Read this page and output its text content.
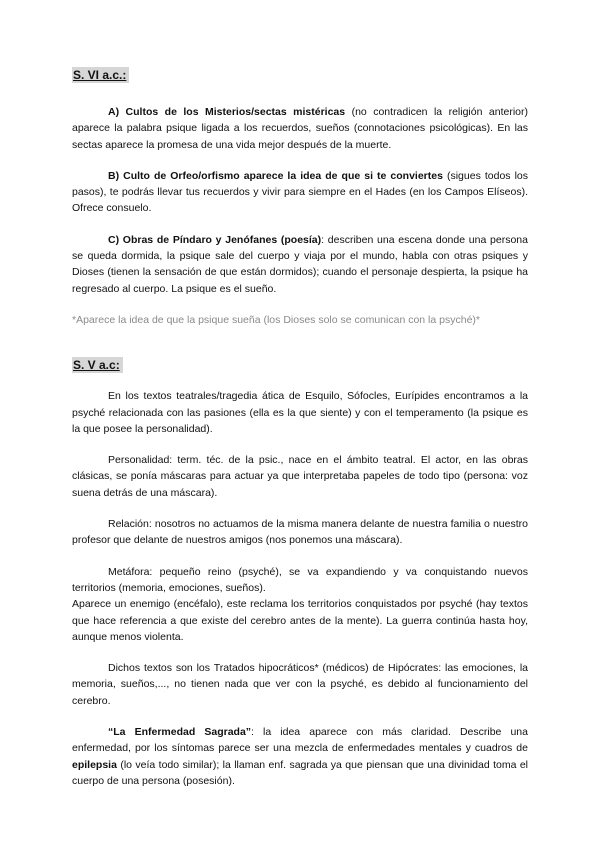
S. VI a.c.:

A) Cultos de los Misterios/sectas mistéricas (no contradicen la religión anterior) aparece la palabra psique ligada a los recuerdos, sueños (connotaciones psicológicas). En las sectas aparece la promesa de una vida mejor después de la muerte.

B) Culto de Orfeo/orfismo aparece la idea de que si te conviertes (sigues todos los pasos), te podrás llevar tus recuerdos y vivir para siempre en el Hades (en los Campos Elíseos). Ofrece consuelo.

C) Obras de Píndaro y Jenófanes (poesía): describen una escena donde una persona se queda dormida, la psique sale del cuerpo y viaja por el mundo, habla con otras psiques y Dioses (tienen la sensación de que están dormidos); cuando el personaje despierta, la psique ha regresado al cuerpo. La psique es el sueño.

*Aparece la idea de que la psique sueña (los Dioses solo se comunican con la psyché)*

S. V a.c:

En los textos teatrales/tragedia ática de Esquilo, Sófocles, Eurípides encontramos a la psyché relacionada con las pasiones (ella es la que siente) y con el temperamento (la psique es la que posee la personalidad).

Personalidad: term. téc. de la psic., nace en el ámbito teatral. El actor, en las obras clásicas, se ponía máscaras para actuar ya que interpretaba papeles de todo tipo (persona: voz suena detrás de una máscara).

Relación: nosotros no actuamos de la misma manera delante de nuestra familia o nuestro profesor que delante de nuestros amigos (nos ponemos una máscara).

Metáfora: pequeño reino (psyché), se va expandiendo y va conquistando nuevos territorios (memoria, emociones, sueños).

Aparece un enemigo (encéfalo), este reclama los territorios conquistados por psyché (hay textos que hace referencia a que existe del cerebro antes de la mente). La guerra continúa hasta hoy, aunque menos violenta.

Dichos textos son los Tratados hipocráticos* (médicos) de Hipócrates: las emociones, la memoria, sueños,..., no tienen nada que ver con la psyché, es debido al funcionamiento del cerebro.

“La Enfermedad Sagrada”: la idea aparece con más claridad. Describe una enfermedad, por los síntomas parece ser una mezcla de enfermedades mentales y cuadros de epilepsia (lo veía todo similar); la llaman enf. sagrada ya que piensan que una divinidad toma el cuerpo de una persona (posesión).
